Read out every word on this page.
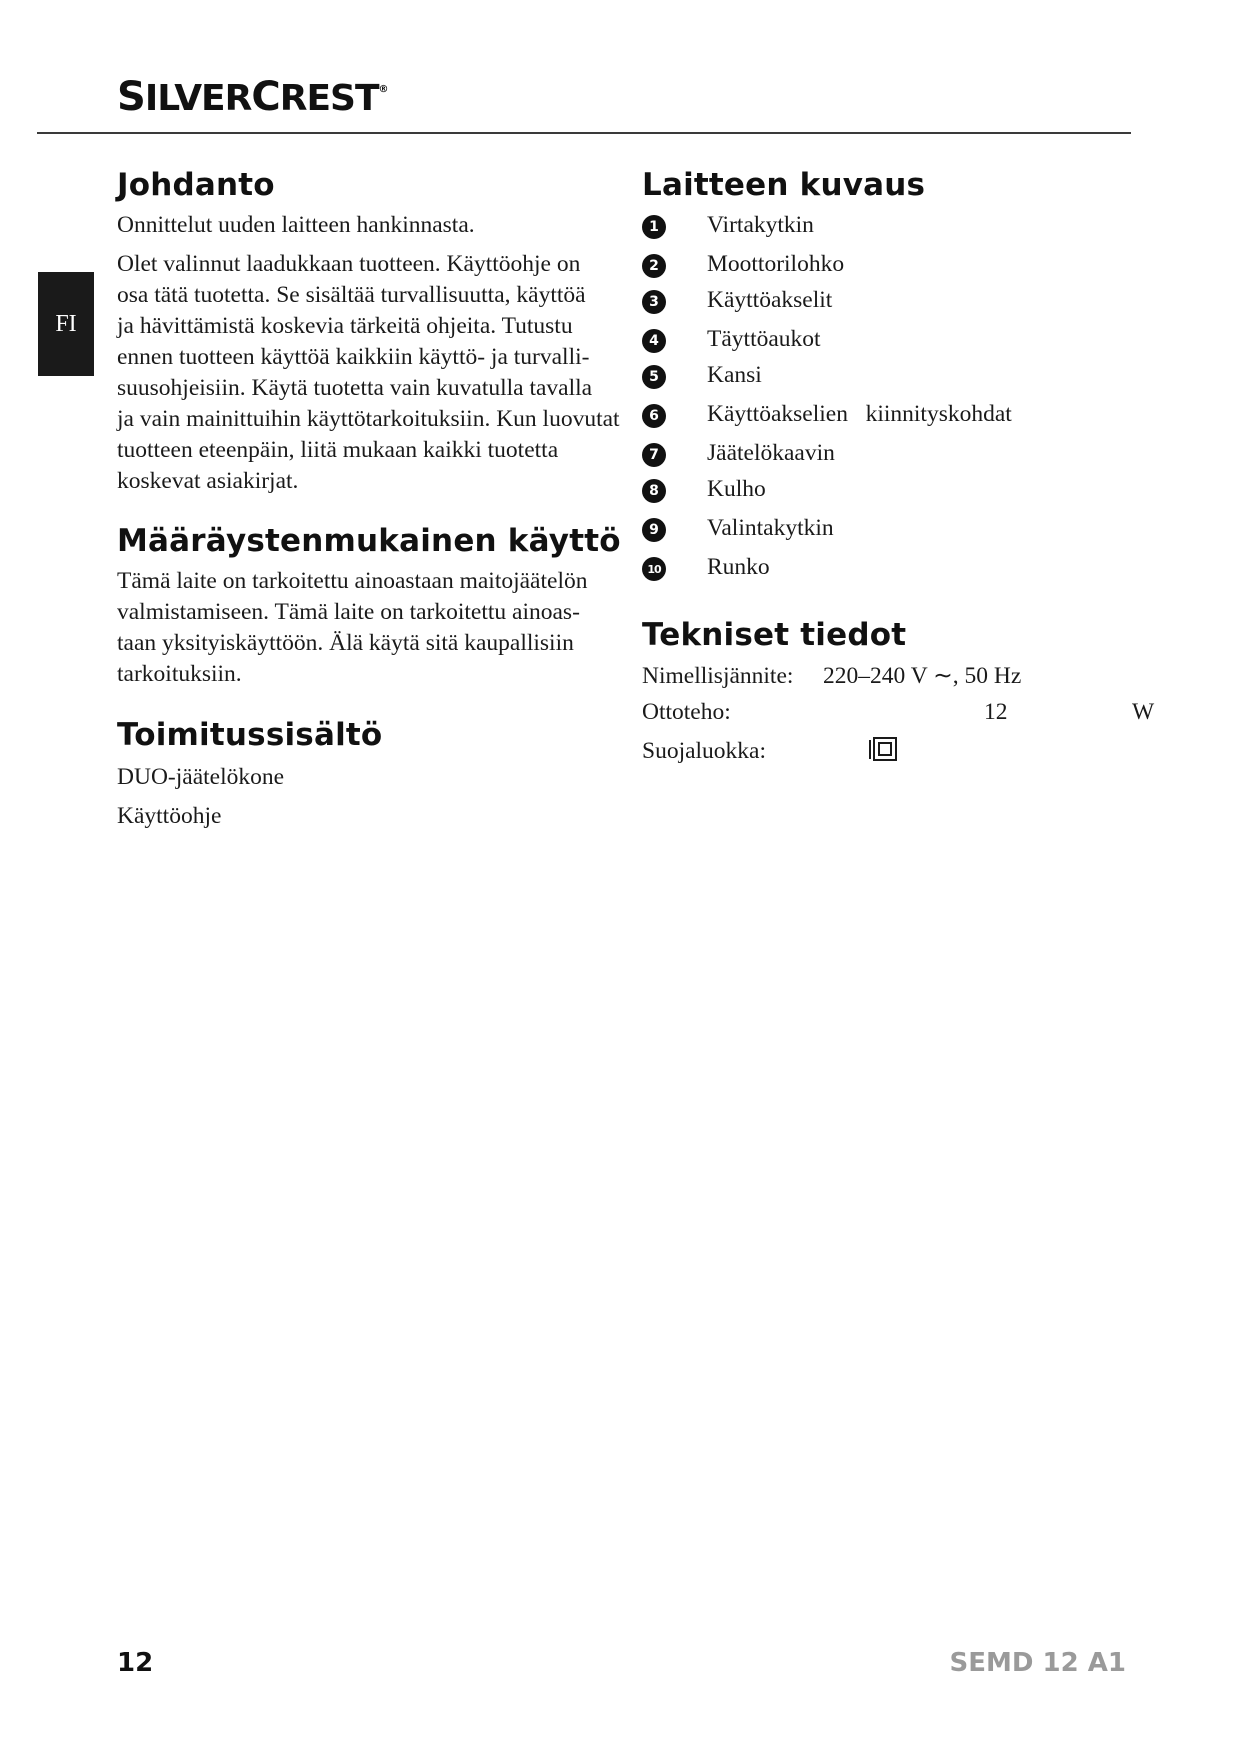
SILVERCREST®
FI
Johdanto
Onnittelut uuden laitteen hankinnasta.
Olet valinnut laadukkaan tuotteen. Käyttöohje on
osa tätä tuotetta. Se sisältää turvallisuutta, käyttöä
ja hävittämistä koskevia tärkeitä ohjeita. Tutustu
ennen tuotteen käyttöä kaikkiin käyttö- ja turvalli-
suusohjeisiin. Käytä tuotetta vain kuvatulla tavalla
ja vain mainittuihin käyttötarkoituksiin. Kun luovutat
tuotteen eteenpäin, liitä mukaan kaikki tuotetta
koskevat asiakirjat.
Määräystenmukainen käyttö
Tämä laite on tarkoitettu ainoastaan maitojäätelön
valmistamiseen. Tämä laite on tarkoitettu ainoas-
taan yksityiskäyttöön. Älä käytä sitä kaupallisiin
tarkoituksiin.
Toimitussisältö
DUO-jäätelökone
Käyttöohje
Laitteen kuvaus
1	Virtakytkin
2	Moottorilohko
3	Käyttöakselit
4	Täyttöaukot
5	Kansi
6	Käyttöakselien   kiinnityskohdat
7	Jäätelökaavin
8	Kulho
9	Valintakytkin
10 Runko
Tekniset tiedot
Nimellisjännite: 220–240 V ∼, 50 Hz
Ottoteho:	12	W
Suojaluokka:
12	SEMD 12 A1
